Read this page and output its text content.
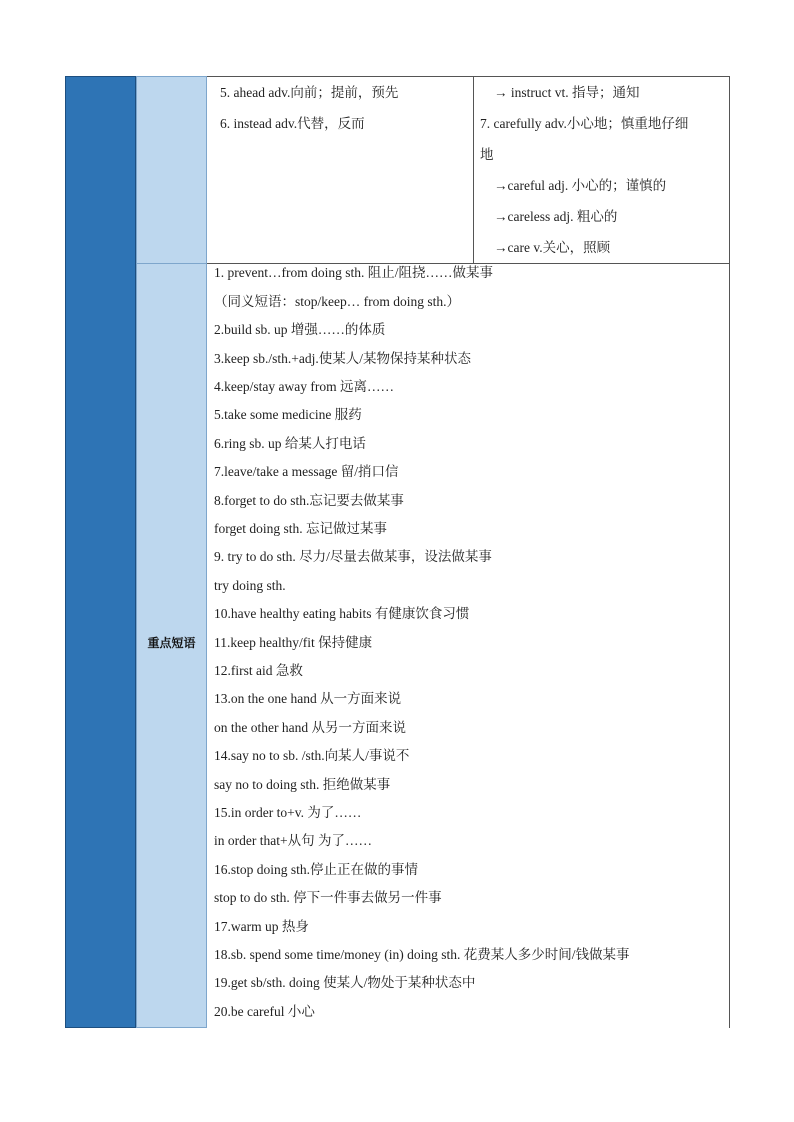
重点短语
5. ahead adv.向前；提前，预先
6. instead adv.代替，反而
→ instruct vt. 指导；通知
7. carefully adv.小心地；慎重地仔细
地
→careful adj. 小心的；谨慎的
→careless adj. 粗心的
→care v.关心，照顾
1. prevent…from doing sth. 阻止/阻挠……做某事
（同义短语：stop/keep… from doing sth.）
2.build sb. up 增强……的体质
3.keep sb./sth.+adj.使某人/某物保持某种状态
4.keep/stay away from 远离……
5.take some medicine 服药
6.ring sb. up 给某人打电话
7.leave/take a message 留/捎口信
8.forget to do sth.忘记要去做某事
forget doing sth. 忘记做过某事
9. try to do sth. 尽力/尽量去做某事，设法做某事
try doing sth.
10.have healthy eating habits 有健康饮食习惯
11.keep healthy/fit 保持健康
12.first aid 急救
13.on the one hand 从一方面来说
on the other hand 从另一方面来说
14.say no to sb. /sth.向某人/事说不
say no to doing sth. 拒绝做某事
15.in order to+v. 为了……
in order that+从句 为了……
16.stop doing sth.停止正在做的事情
stop to do sth. 停下一件事去做另一件事
17.warm up 热身
18.sb. spend some time/money (in) doing sth. 花费某人多少时间/钱做某事
19.get sb/sth. doing 使某人/物处于某种状态中
20.be careful 小心
